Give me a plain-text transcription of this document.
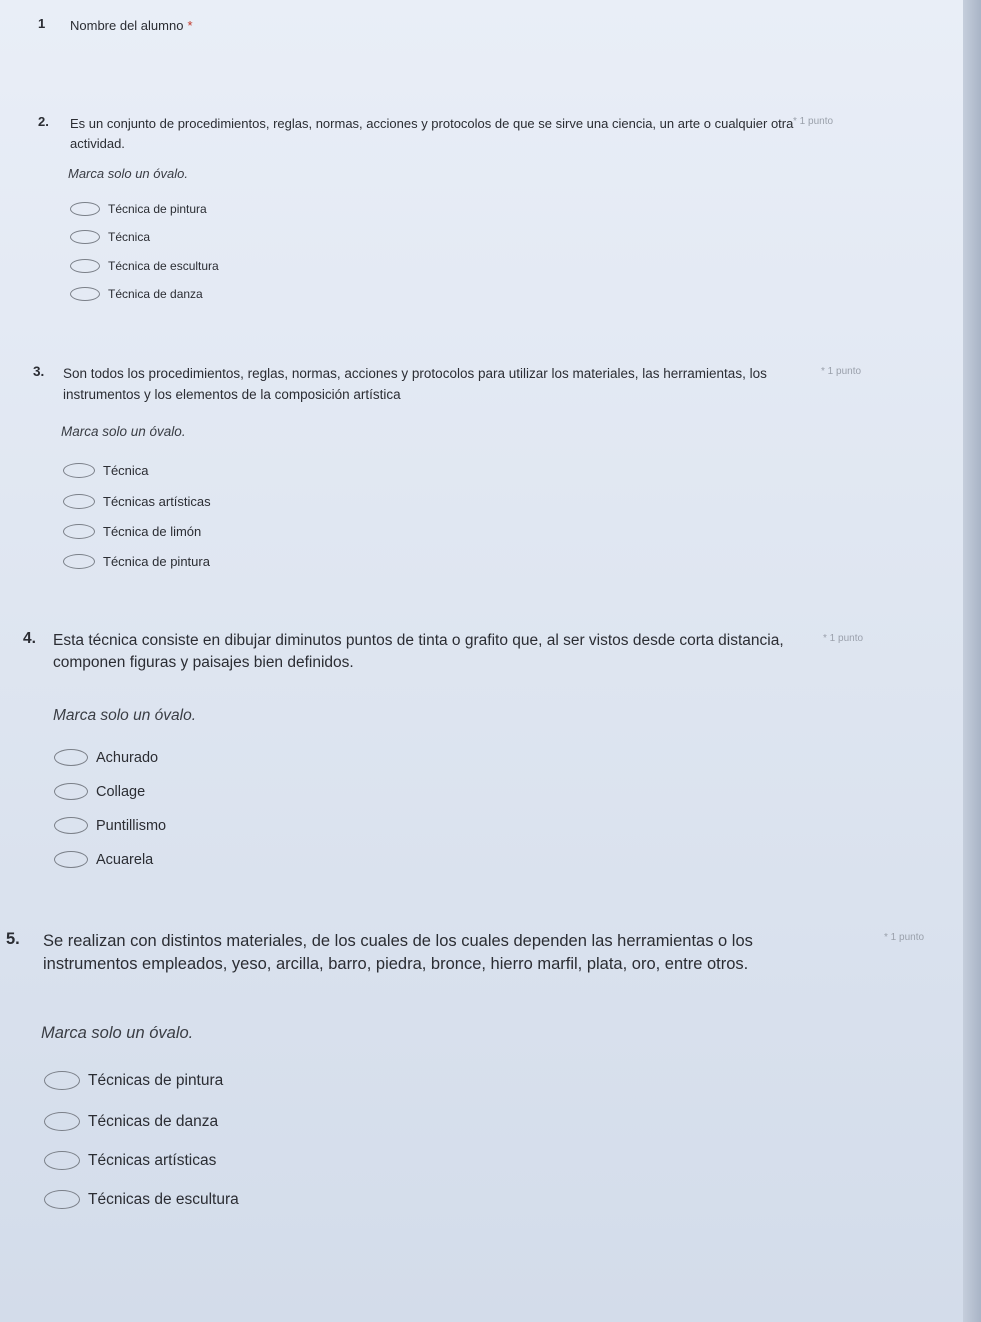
1 Nombre del alumno *
2. Es un conjunto de procedimientos, reglas, normas, acciones y protocolos de que se sirve una ciencia, un arte o cualquier otra actividad.
* 1 punto
Marca solo un óvalo.
Técnica de pintura
Técnica
Técnica de escultura
Técnica de danza
3. Son todos los procedimientos, reglas, normas, acciones y protocolos para utilizar los materiales, las herramientas, los instrumentos y los elementos de la composición artística
* 1 punto
Marca solo un óvalo.
Técnica
Técnicas artísticas
Técnica de limón
Técnica de pintura
4. Esta técnica consiste en dibujar diminutos puntos de tinta o grafito que, al ser vistos desde corta distancia, componen figuras y paisajes bien definidos.
* 1 punto
Marca solo un óvalo.
Achurado
Collage
Puntillismo
Acuarela
5. Se realizan con distintos materiales, de los cuales de los cuales dependen las herramientas o los instrumentos empleados, yeso, arcilla, barro, piedra, bronce, hierro marfil, plata, oro, entre otros.
* 1 punto
Marca solo un óvalo.
Técnicas de pintura
Técnicas de danza
Técnicas artísticas
Técnicas de escultura
